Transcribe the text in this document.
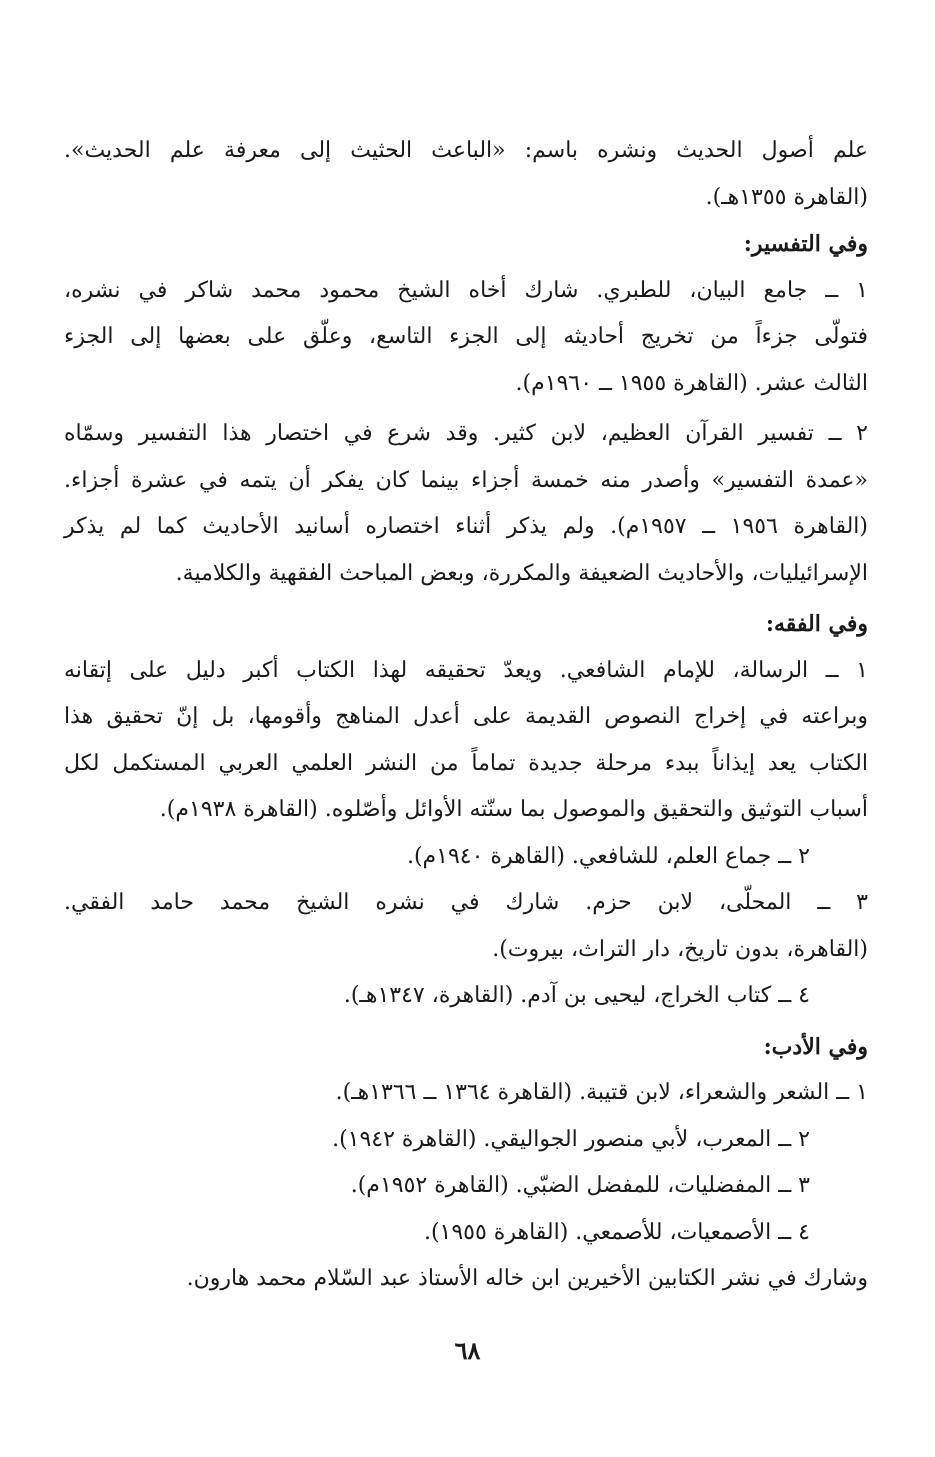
علم أصول الحديث ونشره باسم: «الباعث الحثيث إلى معرفة علم الحديث».
(القاهرة ١٣٥٥هـ).
وفي التفسير:
١ ــ جامع البيان، للطبري. شارك أخاه الشيخ محمود محمد شاكر في نشره،
فتولّى جزءاً من تخريج أحاديثه إلى الجزء التاسع، وعلّق على بعضها إلى الجزء
الثالث عشر. (القاهرة ١٩٥٥ ــ ١٩٦٠م).
٢ ــ تفسير القرآن العظيم، لابن كثير. وقد شرع في اختصار هذا التفسير وسمّاه
«عمدة التفسير» وأصدر منه خمسة أجزاء بينما كان يفكر أن يتمه في عشرة أجزاء.
(القاهرة ١٩٥٦ ــ ١٩٥٧م). ولم يذكر أثناء اختصاره أسانيد الأحاديث كما لم يذكر
الإسرائيليات، والأحاديث الضعيفة والمكررة، وبعض المباحث الفقهية والكلامية.
وفي الفقه:
١ ــ الرسالة، للإمام الشافعي. ويعدّ تحقيقه لهذا الكتاب أكبر دليل على إتقانه
وبراعته في إخراج النصوص القديمة على أعدل المناهج وأقومها، بل إنّ تحقيق هذا
الكتاب يعد إيذاناً ببدء مرحلة جديدة تماماً من النشر العلمي العربي المستكمل لكل
أسباب التوثيق والتحقيق والموصول بما سنّته الأوائل وأصّلوه. (القاهرة ١٩٣٨م).
٢ ــ جماع العلم، للشافعي. (القاهرة ١٩٤٠م).
٣ ــ المحلّى، لابن حزم. شارك في نشره الشيخ محمد حامد الفقي.
(القاهرة، بدون تاريخ، دار التراث، بيروت).
٤ ــ كتاب الخراج، ليحيى بن آدم. (القاهرة، ١٣٤٧هـ).
وفي الأدب:
١ ــ الشعر والشعراء، لابن قتيبة. (القاهرة ١٣٦٤ ــ ١٣٦٦هـ).
٢ ــ المعرب، لأبي منصور الجواليقي. (القاهرة ١٩٤٢).
٣ ــ المفضليات، للمفضل الضبّي. (القاهرة ١٩٥٢م).
٤ ــ الأصمعيات، للأصمعي. (القاهرة ١٩٥٥).
وشارك في نشر الكتابين الأخيرين ابن خاله الأستاذ عبد السّلام محمد هارون.
٦٨
